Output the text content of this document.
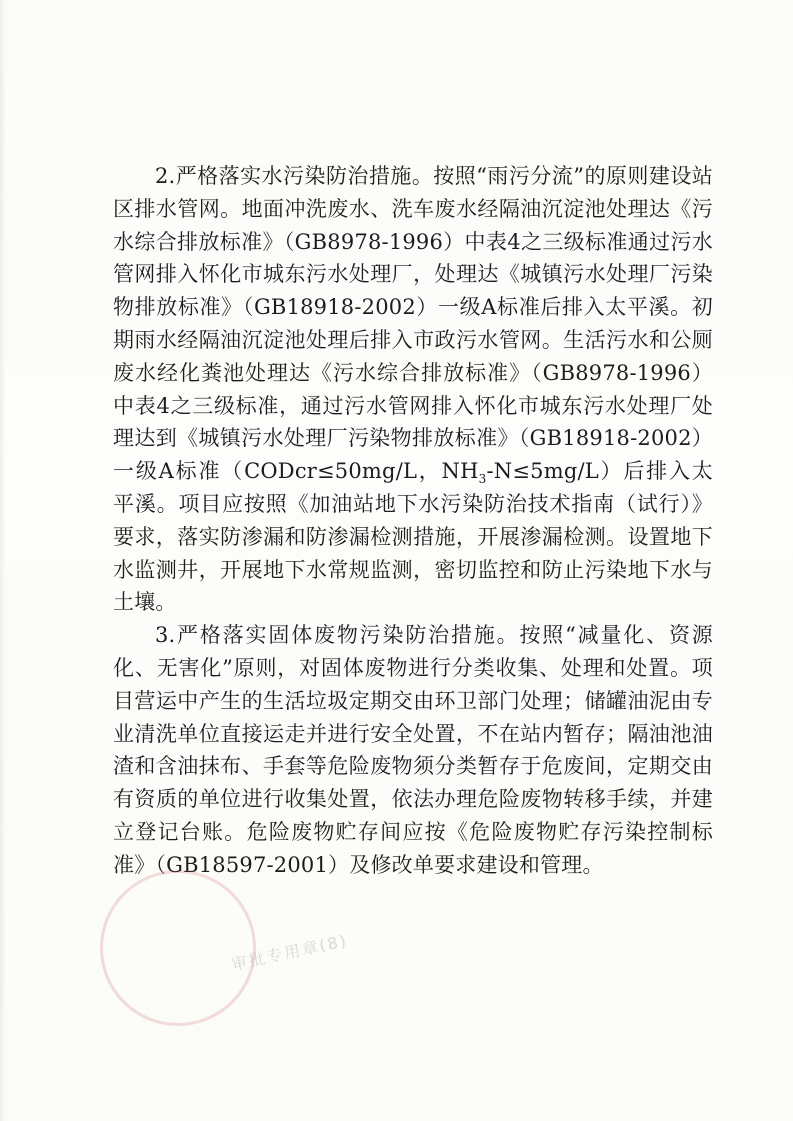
2.严格落实水污染防治措施。按照“雨污分流”的原则建设站区排水管网。地面冲洗废水、洗车废水经隔油沉淀池处理达《污水综合排放标准》（GB8978-1996）中表4之三级标准通过污水管网排入怀化市城东污水处理厂，处理达《城镇污水处理厂污染物排放标准》（GB18918-2002）一级A标准后排入太平溪。初期雨水经隔油沉淀池处理后排入市政污水管网。生活污水和公厕废水经化粪池处理达《污水综合排放标准》（GB8978-1996）中表4之三级标准，通过污水管网排入怀化市城东污水处理厂处理达到《城镇污水处理厂污染物排放标准》（GB18918-2002）一级A标准（CODcr≤50mg/L，$NH_3-N\le 5mg/L$）后排入太平溪。项目应按照《加油站地下水污染防治技术指南（试行）》要求，落实防渗漏和防渗漏检测措施，开展渗漏检测。设置地下水监测井，开展地下水常规监测，密切监控和防止污染地下水与土壤。

3.严格落实固体废物污染防治措施。按照“减量化、资源化、无害化”原则，对固体废物进行分类收集、处理和处置。项目营运中产生的生活垃圾定期交由环卫部门处理；储罐油泥由专业清洗单位直接运走并进行安全处置，不在站内暂存；隔油池油渣和含油抹布、手套等危险废物须分类暂存于危废间，定期交由有资质的单位进行收集处置，依法办理危险废物转移手续，并建立登记台账。危险废物贮存间应按《危险废物贮存污染控制标准》（GB18597-2001）及修改单要求建设和管理。

审批专用章(8)
